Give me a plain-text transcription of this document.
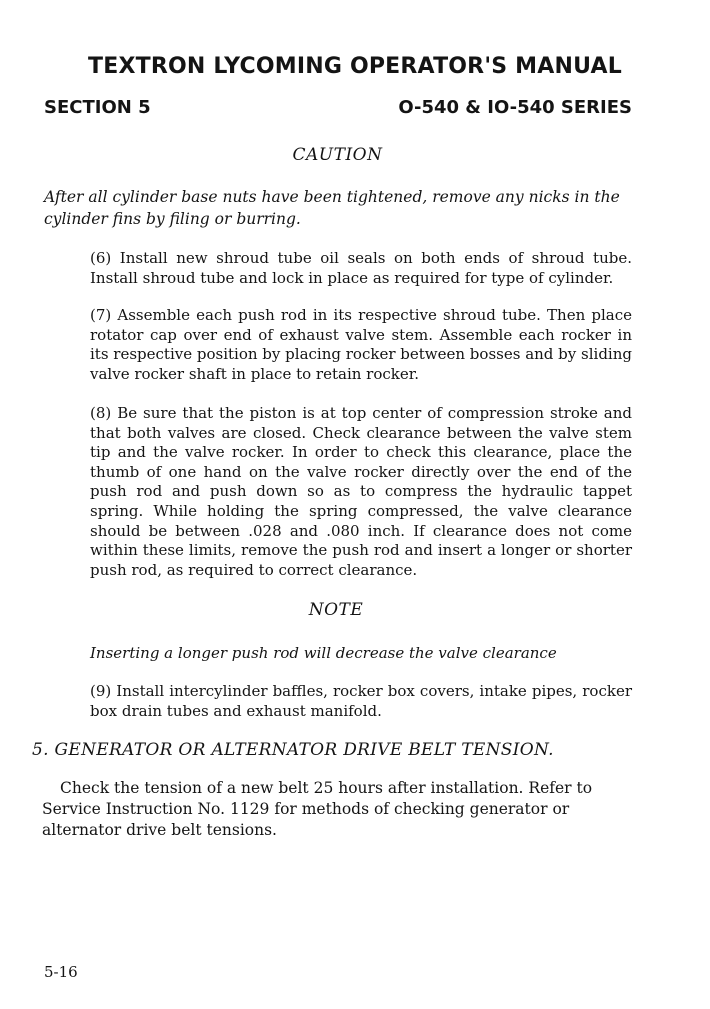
TEXTRON LYCOMING OPERATOR'S MANUAL
SECTION 5	O-540 & IO-540 SERIES
CAUTION
After all cylinder base nuts have been tightened, remove any nicks in the cylinder fins by filing or burring.
(6) Install new shroud tube oil seals on both ends of shroud tube. Install shroud tube and lock in place as required for type of cylinder.
(7) Assemble each push rod in its respective shroud tube. Then place rotator cap over end of exhaust valve stem. Assemble each rocker in its respective position by placing rocker between bosses and by sliding valve rocker shaft in place to retain rocker.
(8) Be sure that the piston is at top center of compression stroke and that both valves are closed. Check clearance between the valve stem tip and the valve rocker. In order to check this clearance, place the thumb of one hand on the valve rocker directly over the end of the push rod and push down so as to compress the hydraulic tappet spring. While holding the spring compressed, the valve clearance should be between .028 and .080 inch. If clearance does not come within these limits, remove the push rod and insert a longer or shorter push rod, as required to correct clearance.
NOTE
Inserting a longer push rod will decrease the valve clearance
(9) Install intercylinder baffles, rocker box covers, intake pipes, rocker box drain tubes and exhaust manifold.
5. GENERATOR OR ALTERNATOR DRIVE BELT TENSION.
Check the tension of a new belt 25 hours after installation. Refer to Service Instruction No. 1129 for methods of checking generator or alternator drive belt tensions.
5-16
